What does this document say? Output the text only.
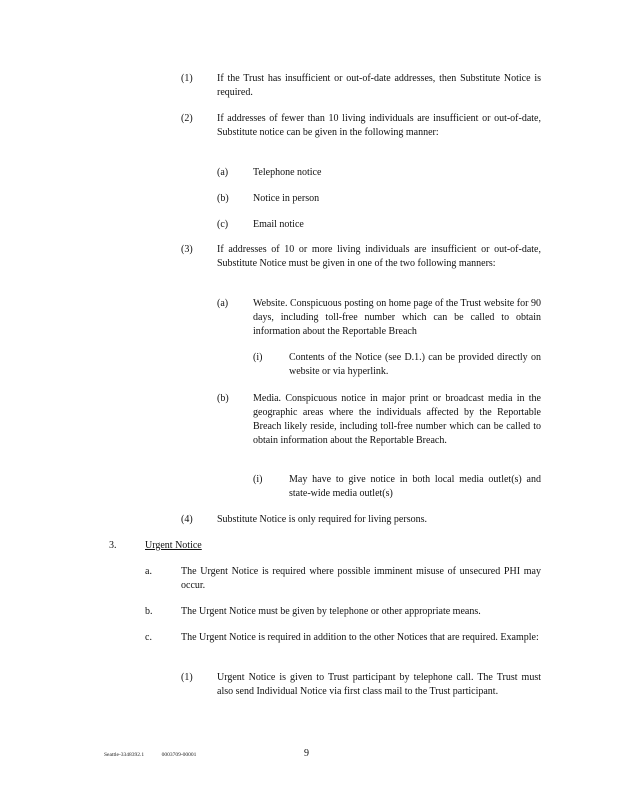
(1) If the Trust has insufficient or out-of-date addresses, then Substitute Notice is required.
(2) If addresses of fewer than 10 living individuals are insufficient or out-of-date, Substitute notice can be given in the following manner:
(a) Telephone notice
(b) Notice in person
(c) Email notice
(3) If addresses of 10 or more living individuals are insufficient or out-of-date, Substitute Notice must be given in one of the two following manners:
(a) Website. Conspicuous posting on home page of the Trust website for 90 days, including toll-free number which can be called to obtain information about the Reportable Breach
(i)	Contents of the Notice (see D.1.) can be provided directly on website or via hyperlink.
(b) Media. Conspicuous notice in major print or broadcast media in the geographic areas where the individuals affected by the Reportable Breach likely reside, including toll-free number which can be called to obtain information about the Reportable Breach.
(i)	May have to give notice in both local media outlet(s) and state-wide media outlet(s)
(4) Substitute Notice is only required for living persons.
3.	Urgent Notice
a.	The Urgent Notice is required where possible imminent misuse of unsecured PHI may occur.
b.	The Urgent Notice must be given by telephone or other appropriate means.
c.	The Urgent Notice is required in addition to the other Notices that are required. Example:
(1) Urgent Notice is given to Trust participant by telephone call. The Trust must also send Individual Notice via first class mail to the Trust participant.
Seattle-3348392.1	0003709-00001	9
